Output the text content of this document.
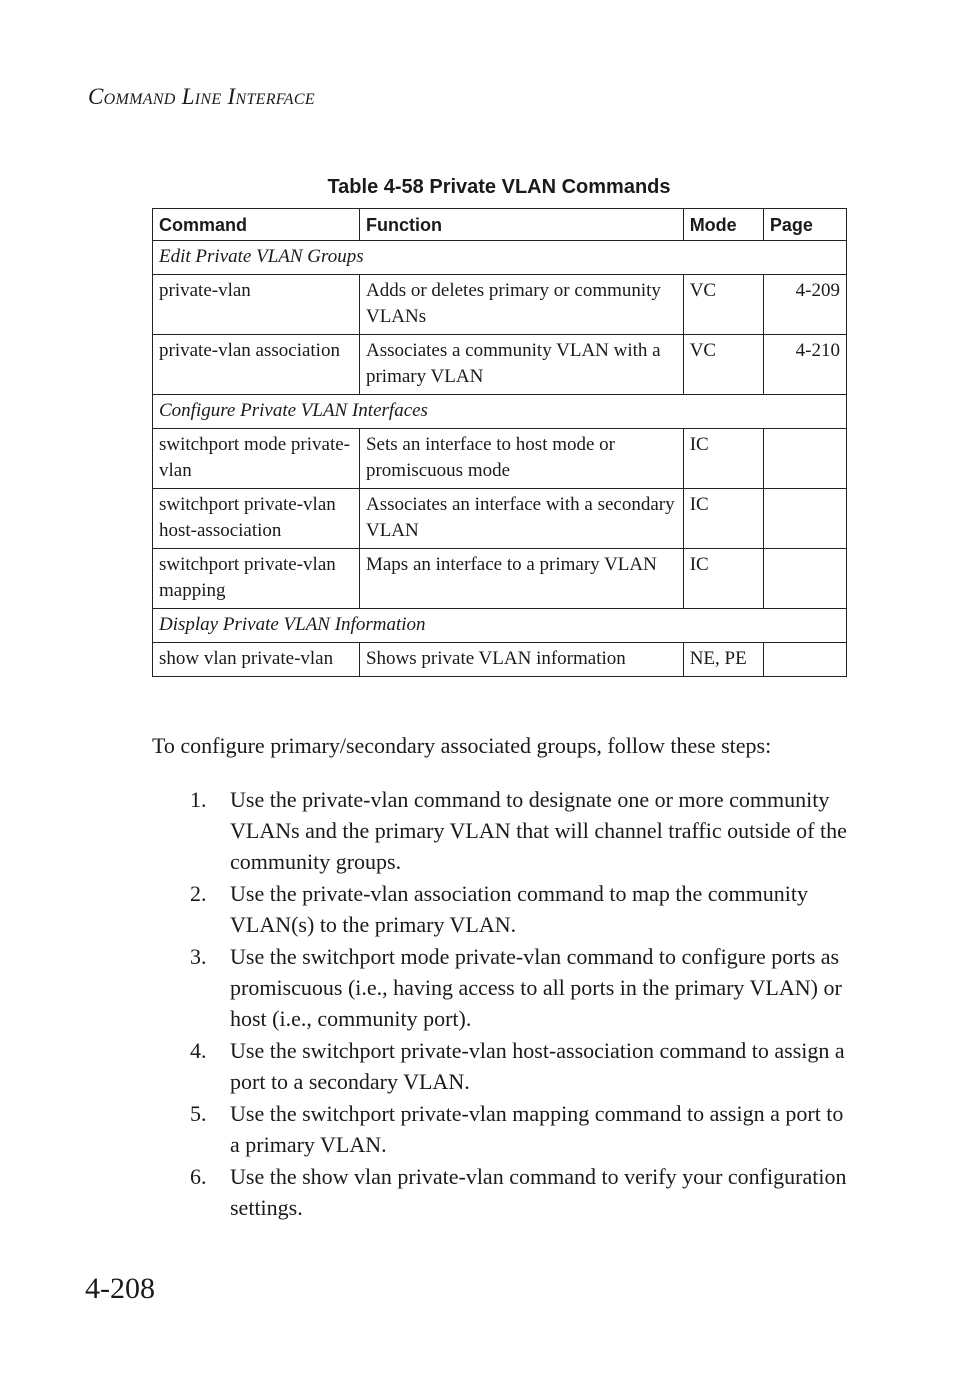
Command Line Interface
Table 4-58 Private VLAN Commands
Command	Function	Mode	Page
Edit Private VLAN Groups			
private-vlan	Adds or deletes primary or community VLANs	VC	4-209
private-vlan association	Associates a community VLAN with a primary VLAN	VC	4-210
Configure Private VLAN Interfaces			
switchport mode private-vlan	Sets an interface to host mode or promiscuous mode	IC	
switchport private-vlan host-association	Associates an interface with a secondary VLAN	IC	
switchport private-vlan mapping	Maps an interface to a primary VLAN	IC	
Display Private VLAN Information			
show vlan private-vlan	Shows private VLAN information	NE, PE	
To configure primary/secondary associated groups, follow these steps:
1. Use the private-vlan command to designate one or more community VLANs and the primary VLAN that will channel traffic outside of the community groups.
2. Use the private-vlan association command to map the community VLAN(s) to the primary VLAN.
3. Use the switchport mode private-vlan command to configure ports as promiscuous (i.e., having access to all ports in the primary VLAN) or host (i.e., community port).
4. Use the switchport private-vlan host-association command to assign a port to a secondary VLAN.
5. Use the switchport private-vlan mapping command to assign a port to a primary VLAN.
6. Use the show vlan private-vlan command to verify your configuration settings.
4-208
